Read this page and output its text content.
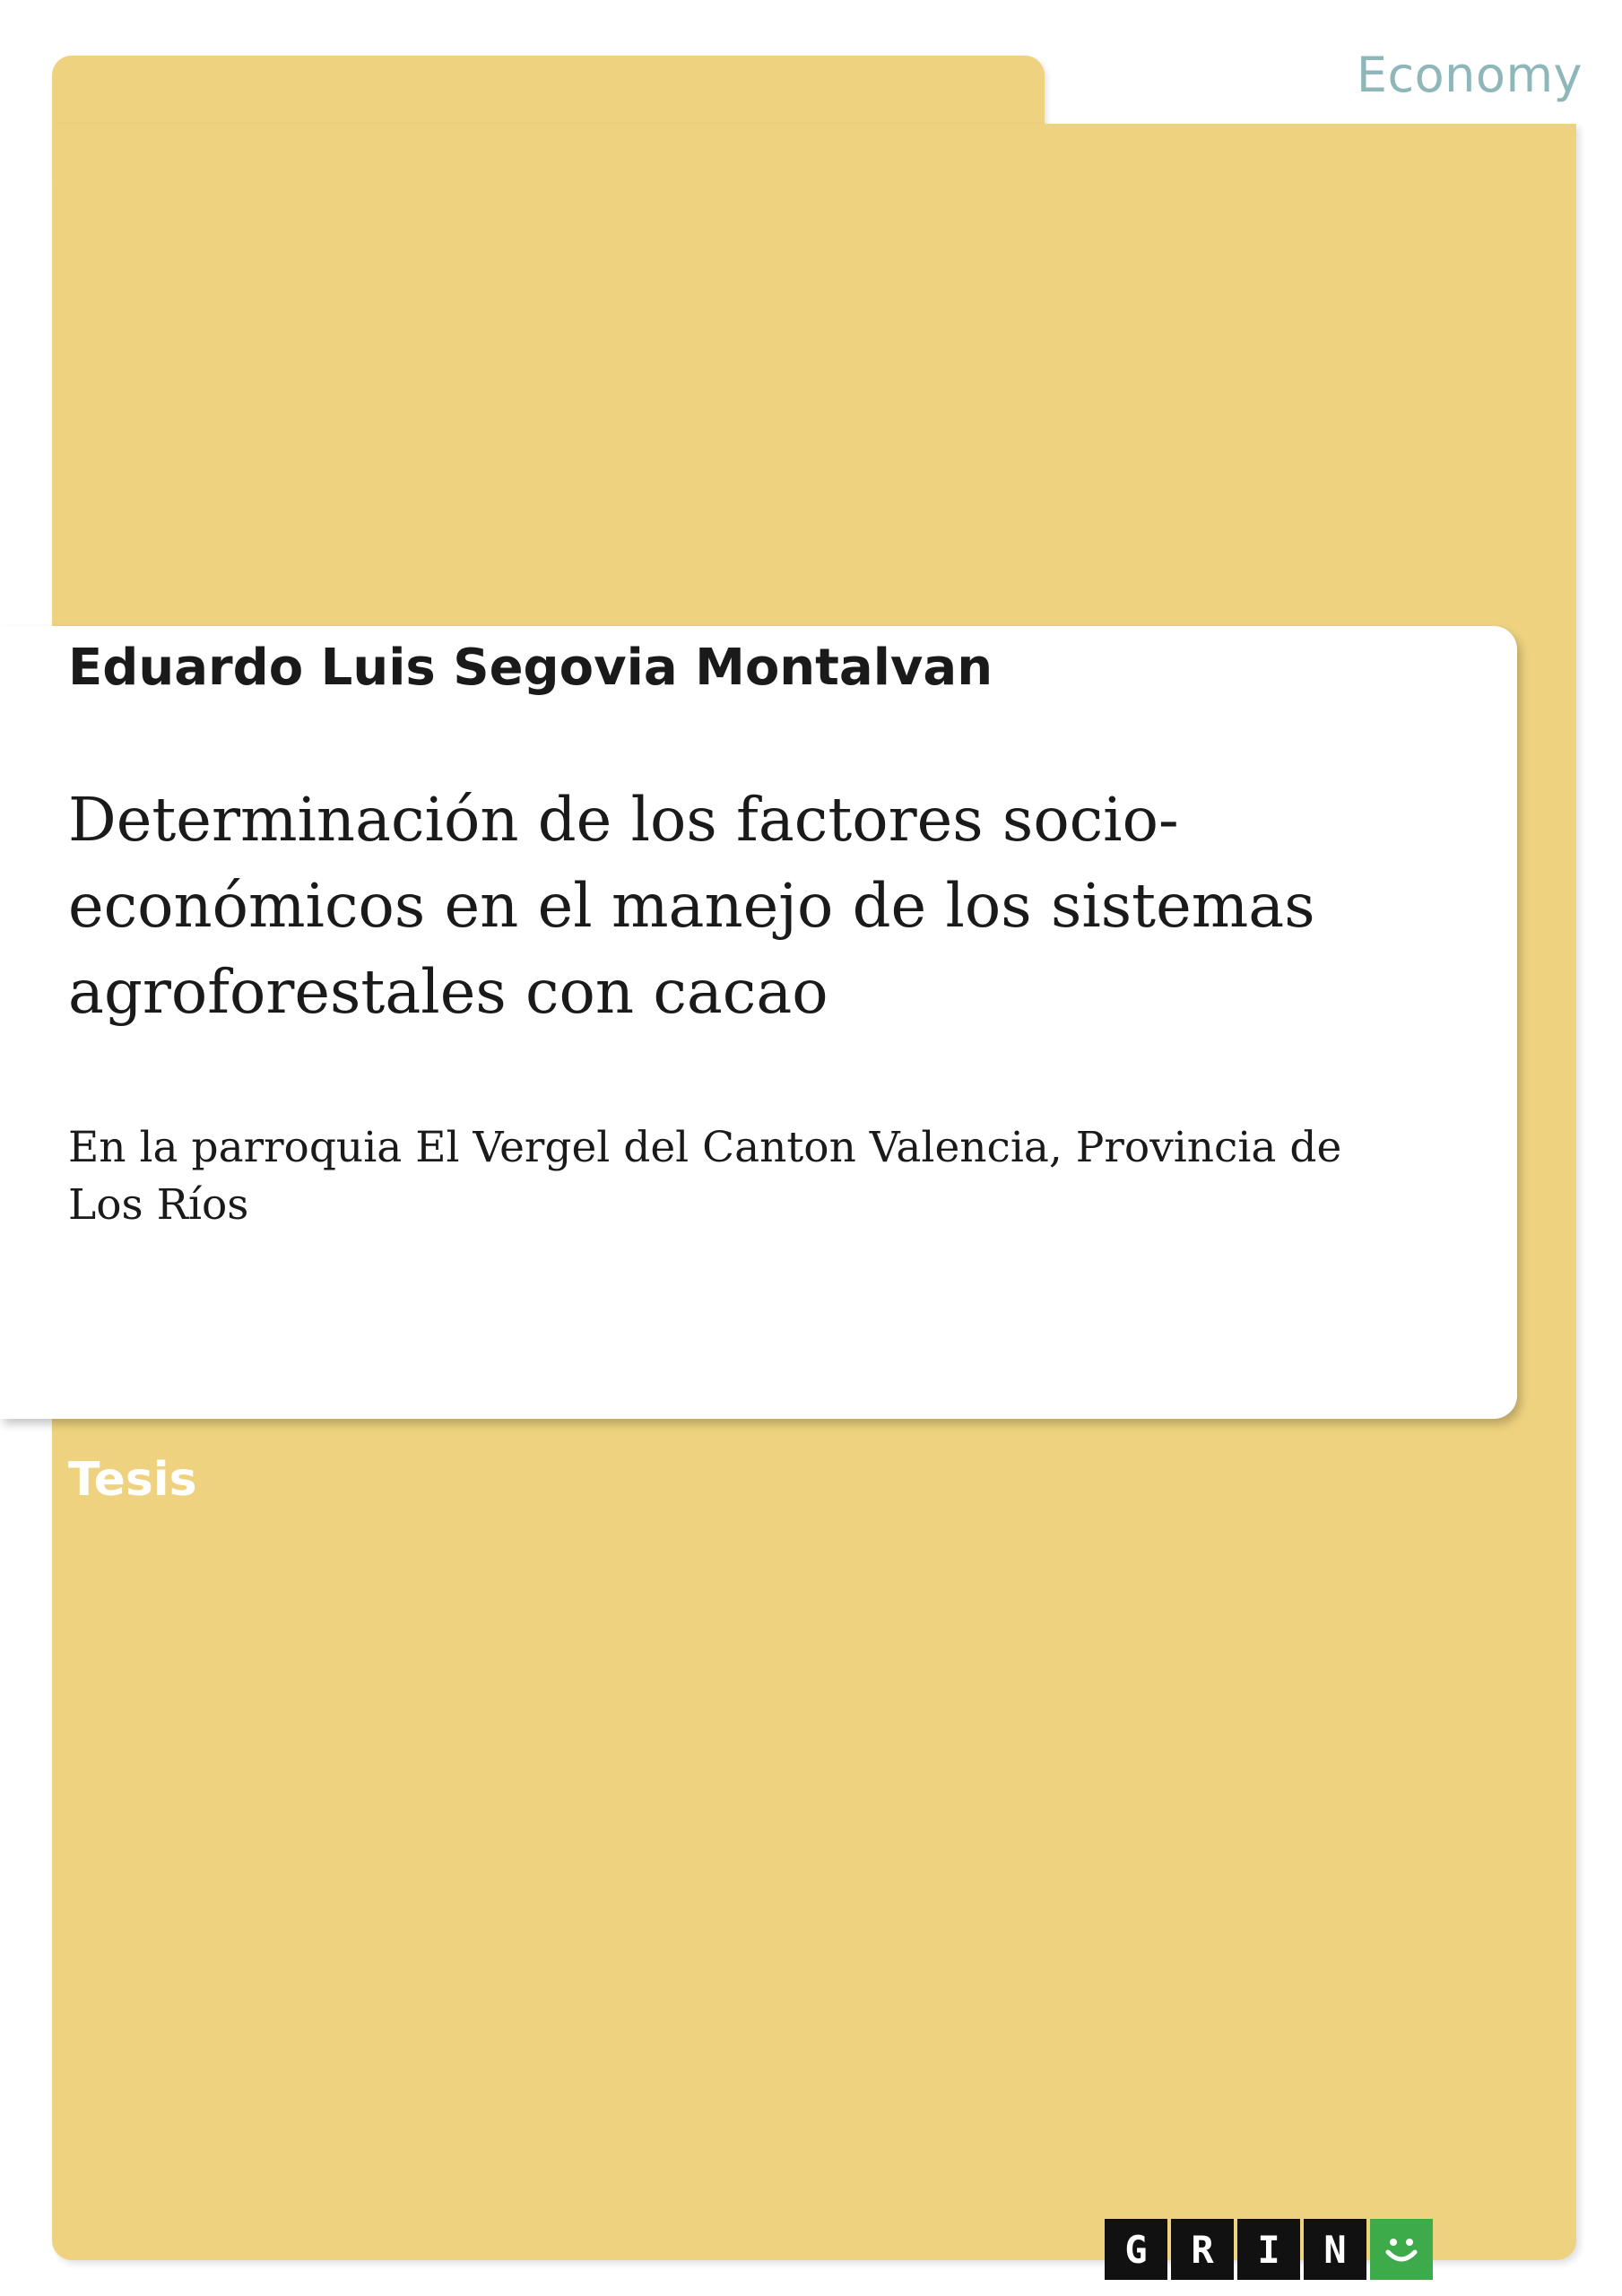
Economy
Eduardo Luis Segovia Montalvan
Determinación de los factores socio-económicos en el manejo de los sistemas agroforestales con cacao
En la parroquia El Vergel del Canton Valencia, Provincia de Los Ríos
Tesis
G	R	I	N
